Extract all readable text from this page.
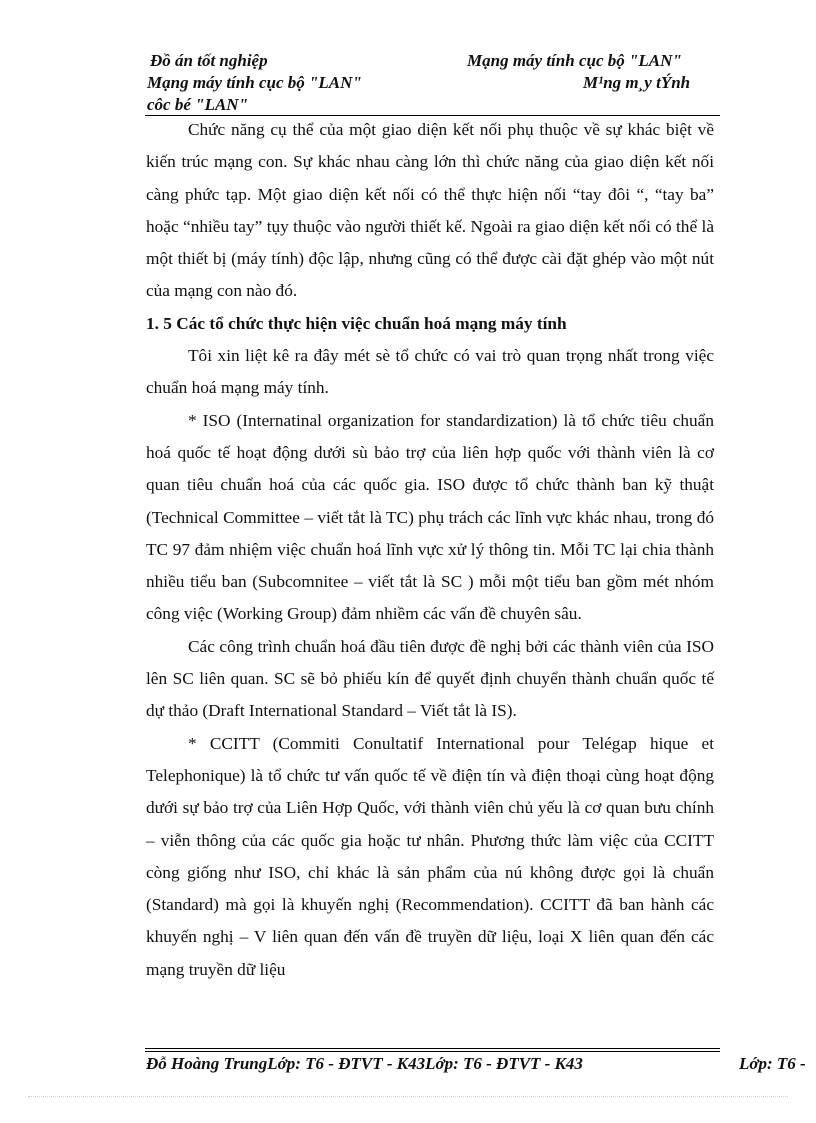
Đồ án tốt nghiệp	Mạng máy tính cục bộ "LAN"
Mạng máy tính cục bộ "LAN"	M¹ng m¸y tÝnh
côc bé "LAN"

Chức năng cụ thể của một giao diện kết nối phụ thuộc về sự khác biệt về kiến trúc mạng con. Sự khác nhau càng lớn thì chức năng của giao diện kết nối càng phức tạp. Một giao diện kết nối có thể thực hiện nối “tay đôi “, “tay ba” hoặc “nhiều tay” tụy thuộc vào người thiết kế. Ngoài ra giao diện kết nối có thể là một thiết bị (máy tính) độc lập, nhưng cũng có thể được cài đặt ghép vào một nút của mạng con nào đó.

1. 5 Các tổ chức thực hiện việc chuẩn hoá mạng máy tính

Tôi xin liệt kê ra đây mét sè tổ chức có vai trò quan trọng nhất trong việc chuẩn hoá mạng máy tính.

* ISO (Internatinal organization for standardization) là tổ chức tiêu chuẩn hoá quốc tế hoạt động dưới sù bảo trợ của liên hợp quốc với thành viên là cơ quan tiêu chuẩn hoá của các quốc gia. ISO được tổ chức thành ban kỹ thuật (Technical Committee – viết tắt là TC) phụ trách các lĩnh vực khác nhau, trong đó TC 97 đảm nhiệm việc chuẩn hoá lĩnh vực xử lý thông tin. Mỗi TC lại chia thành nhiều tiểu ban (Subcomnitee – viết tắt là SC ) mỗi một tiểu ban gồm mét nhóm công việc (Working Group) đảm nhiềm các vấn đề chuyên sâu.

Các công trình chuẩn hoá đầu tiên được đề nghị bởi các thành viên của ISO lên SC liên quan. SC sẽ bỏ phiếu kín để quyết định chuyển thành chuẩn quốc tế dự thảo (Draft International Standard – Viết tắt là IS).

* CCITT (Commiti Conultatif International pour Telégap hique et Telephonique) là tổ chức tư vấn quốc tế về điện tín và điện thoại cùng hoạt động dưới sự bảo trợ của Liên Hợp Quốc, với thành viên chủ yếu là cơ quan bưu chính – viễn thông của các quốc gia hoặc tư nhân. Phương thức làm việc của CCITT còng giống như ISO, chỉ khác là sản phẩm của nú không được gọi là chuẩn (Standard) mà gọi là khuyến nghị (Recommendation). CCITT đã ban hành các khuyến nghị – V liên quan đến vấn đề truyền dữ liệu, loại X liên quan đến các mạng truyền dữ liệu

Đỗ Hoàng TrungLớp: T6 - ĐTVT - K43Lớp: T6 - ĐTVT - K43	Lớp: T6 -
